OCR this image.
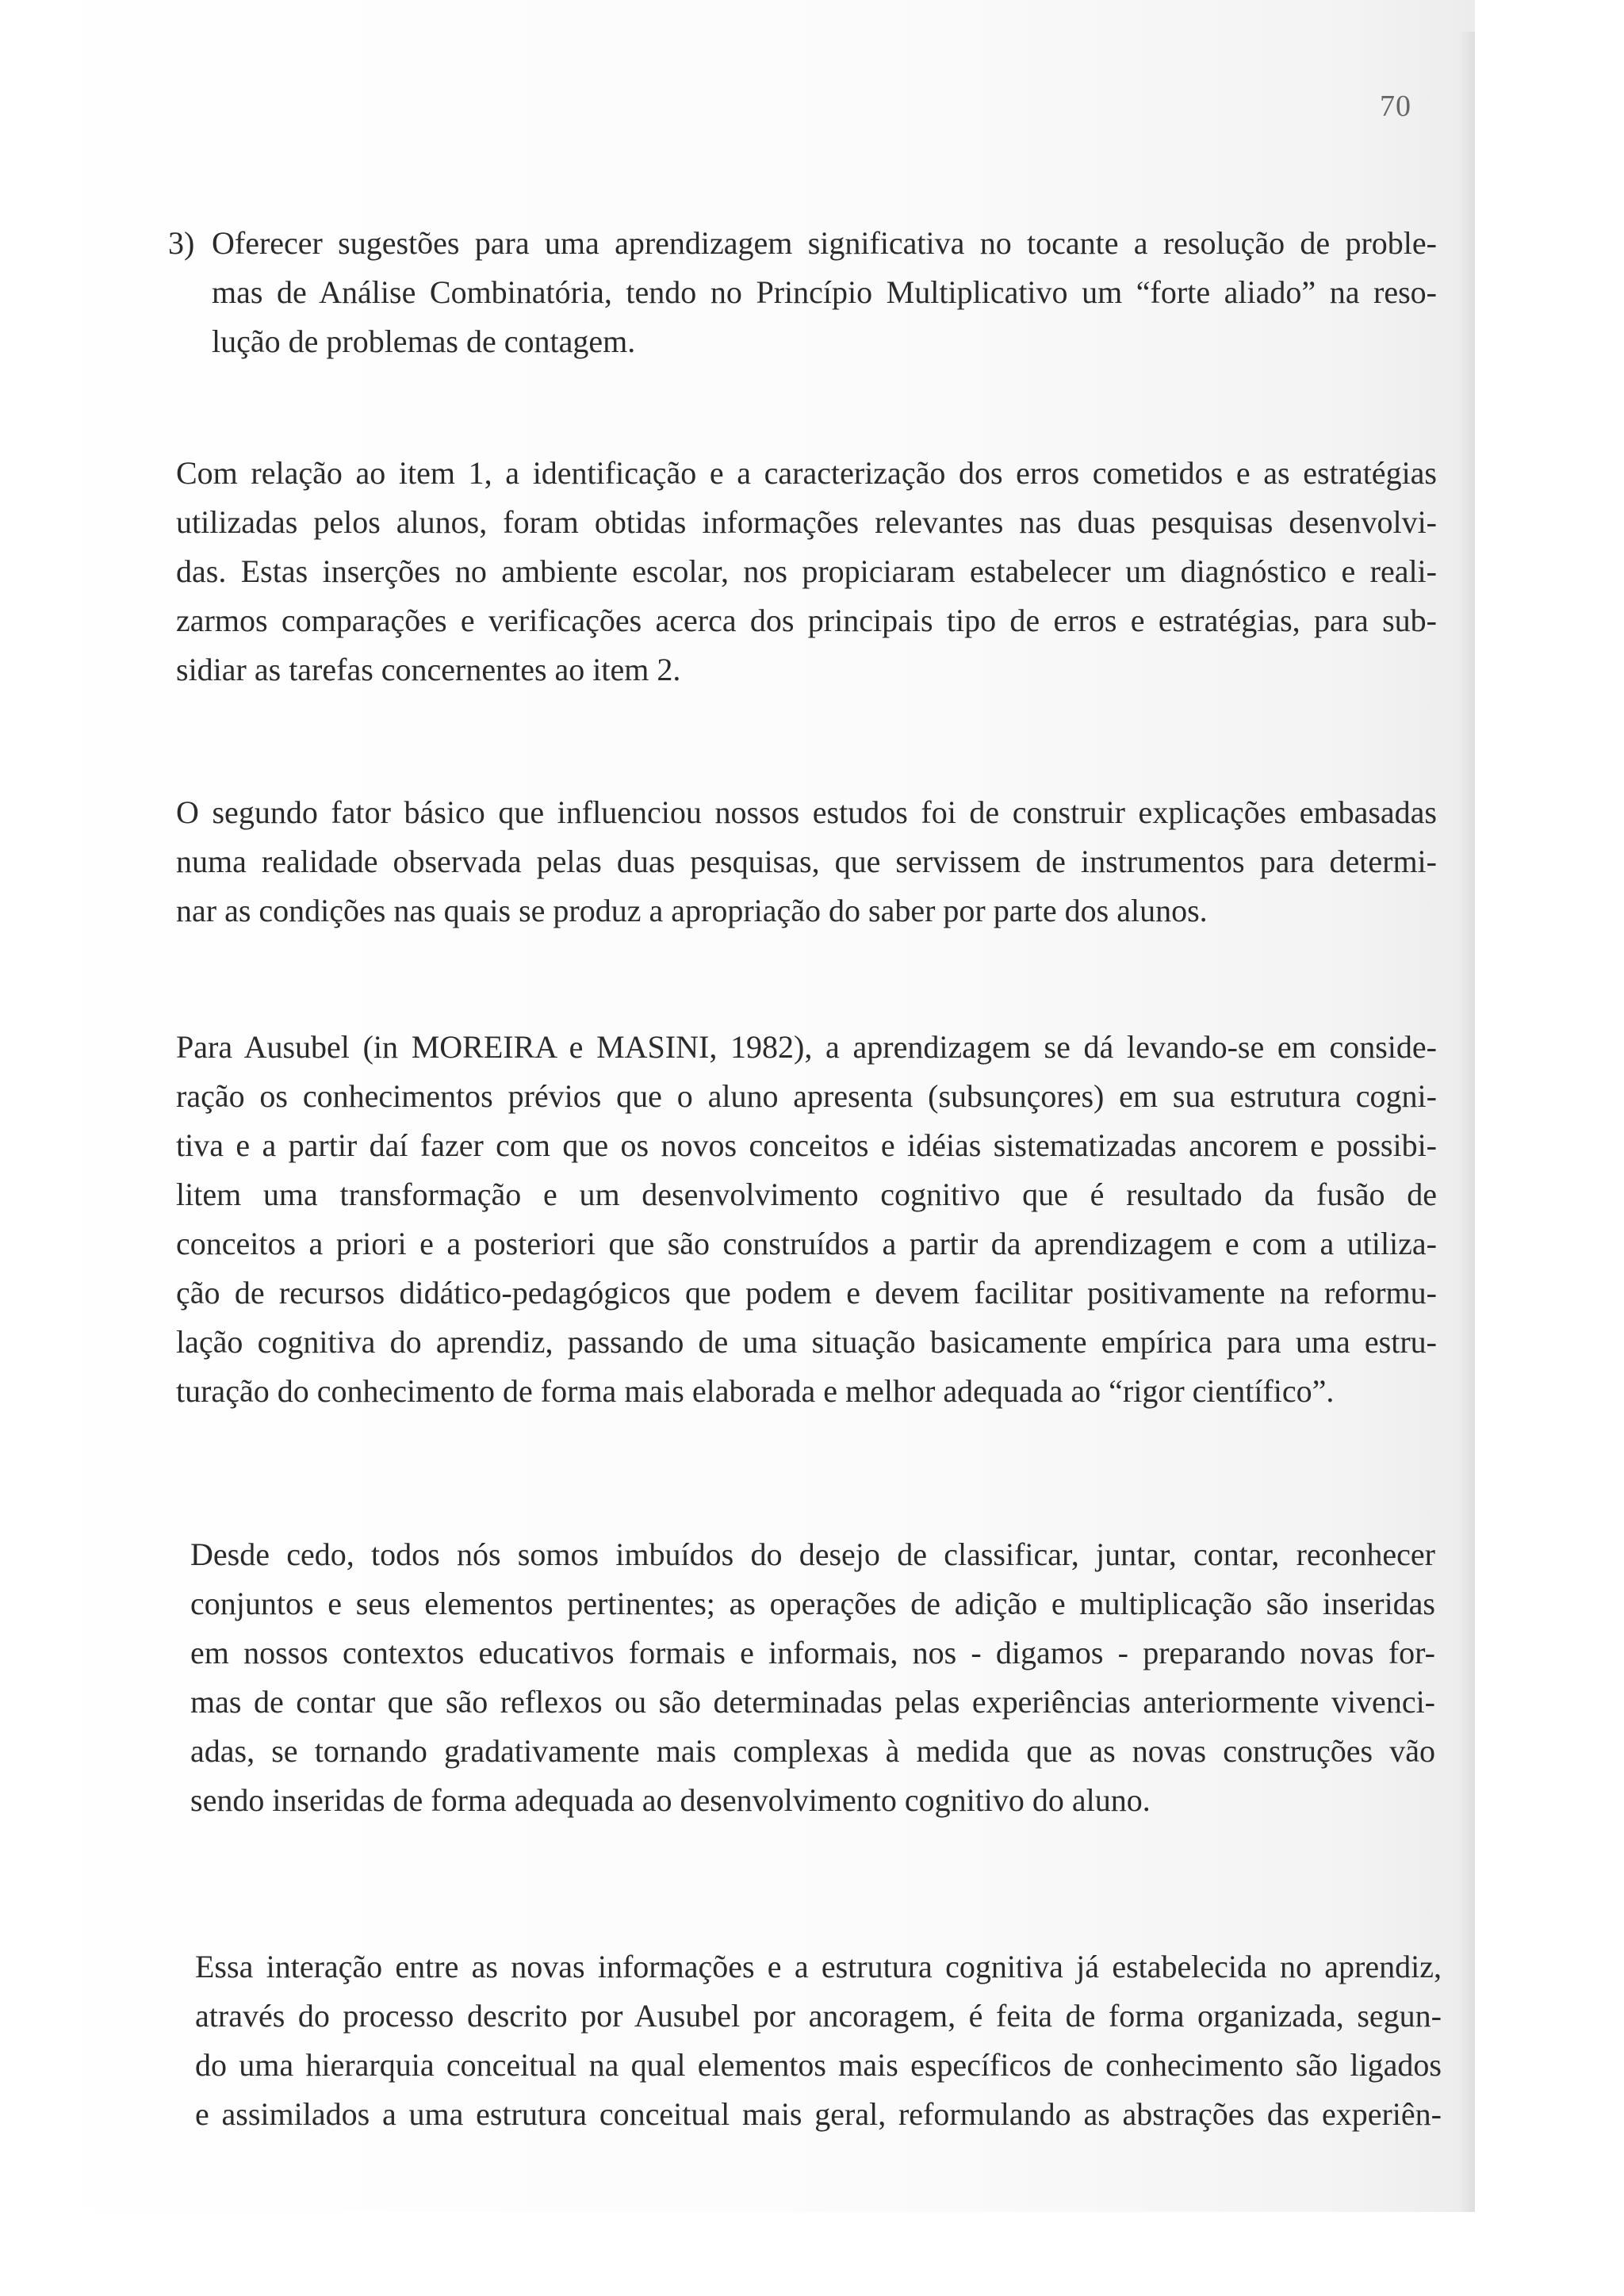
70
3) Oferecer sugestões para uma aprendizagem significativa no tocante a resolução de proble-
mas de Análise Combinatória, tendo no Princípio Multiplicativo um “forte aliado” na reso-
lução de problemas de contagem.
Com relação ao item 1, a identificação e a caracterização dos erros cometidos e as estratégias
utilizadas pelos alunos, foram obtidas informações relevantes nas duas pesquisas desenvolvi-
das. Estas inserções no ambiente escolar, nos propiciaram estabelecer um diagnóstico e reali-
zarmos comparações e verificações acerca dos principais tipo de erros e estratégias, para sub-
sidiar as tarefas concernentes ao item 2.
O segundo fator básico que influenciou nossos estudos foi de construir explicações embasadas
numa realidade observada pelas duas pesquisas, que servissem de instrumentos para determi-
nar as condições nas quais se produz a apropriação do saber por parte dos alunos.
Para Ausubel (in MOREIRA e MASINI, 1982), a aprendizagem se dá levando-se em conside-
ração os conhecimentos prévios que o aluno apresenta (subsunçores) em sua estrutura cogni-
tiva e a partir daí fazer com que os novos conceitos e idéias sistematizadas ancorem e possibi-
litem uma transformação e um desenvolvimento cognitivo que é resultado da fusão de
conceitos a priori e a posteriori que são construídos a partir da aprendizagem e com a utiliza-
ção de recursos didático-pedagógicos que podem e devem facilitar positivamente na reformu-
lação cognitiva do aprendiz, passando de uma situação basicamente empírica para uma estru-
turação do conhecimento de forma mais elaborada e melhor adequada ao “rigor científico”.
Desde cedo, todos nós somos imbuídos do desejo de classificar, juntar, contar, reconhecer
conjuntos e seus elementos pertinentes; as operações de adição e multiplicação são inseridas
em nossos contextos educativos formais e informais, nos - digamos - preparando novas for-
mas de contar que são reflexos ou são determinadas pelas experiências anteriormente vivenci-
adas, se tornando gradativamente mais complexas à medida que as novas construções vão
sendo inseridas de forma adequada ao desenvolvimento cognitivo do aluno.
Essa interação entre as novas informações e a estrutura cognitiva já estabelecida no aprendiz,
através do processo descrito por Ausubel por ancoragem, é feita de forma organizada, segun-
do uma hierarquia conceitual na qual elementos mais específicos de conhecimento são ligados
e assimilados a uma estrutura conceitual mais geral, reformulando as abstrações das experiên-
